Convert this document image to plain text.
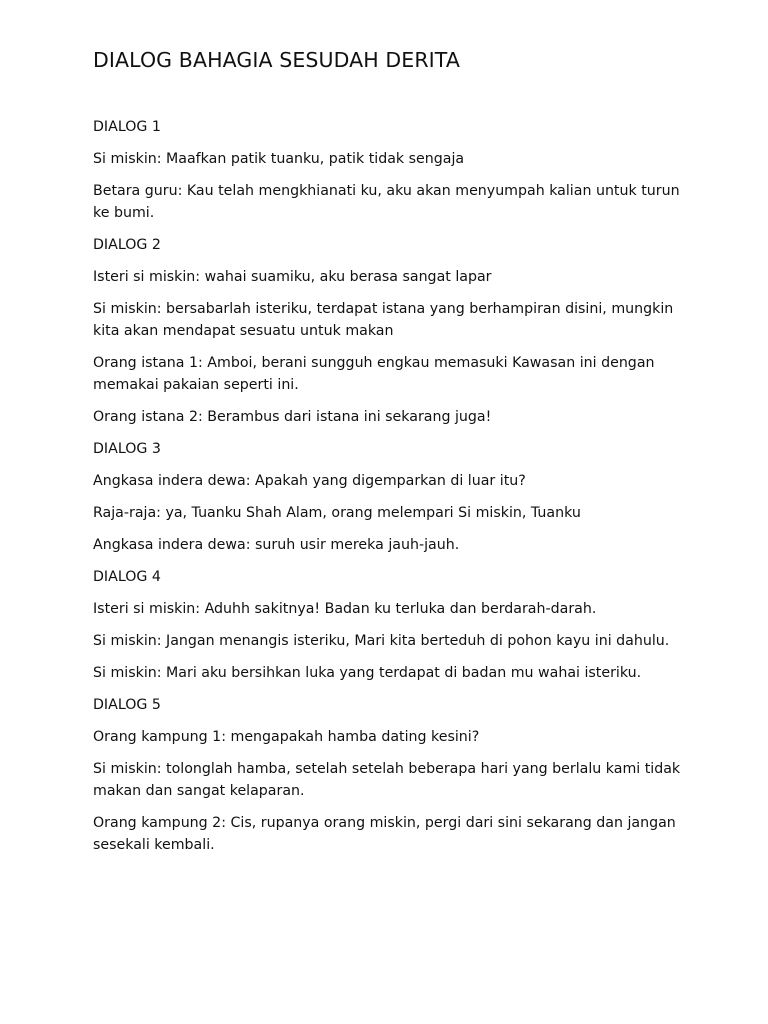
DIALOG BAHAGIA SESUDAH DERITA
DIALOG 1
Si miskin: Maafkan patik tuanku, patik tidak sengaja
Betara guru: Kau telah mengkhianati ku, aku akan menyumpah kalian untuk turun ke bumi.
DIALOG 2
Isteri si miskin: wahai suamiku, aku berasa sangat lapar
Si miskin: bersabarlah isteriku, terdapat istana yang berhampiran disini, mungkin kita akan mendapat sesuatu untuk makan
Orang istana 1: Amboi, berani sungguh engkau memasuki Kawasan ini dengan memakai pakaian seperti ini.
Orang istana 2: Berambus dari istana ini sekarang juga!
DIALOG 3
Angkasa indera dewa: Apakah yang digemparkan di luar itu?
Raja-raja: ya, Tuanku Shah Alam, orang melempari Si miskin, Tuanku
Angkasa indera dewa: suruh usir mereka jauh-jauh.
DIALOG 4
Isteri si miskin: Aduhh sakitnya! Badan ku terluka dan berdarah-darah.
Si miskin: Jangan menangis isteriku, Mari kita berteduh di pohon kayu ini dahulu.
Si miskin: Mari aku bersihkan luka yang terdapat di badan mu wahai isteriku.
DIALOG 5
Orang kampung 1: mengapakah hamba dating kesini?
Si miskin: tolonglah hamba, setelah setelah beberapa hari yang berlalu kami tidak makan dan sangat kelaparan.
Orang kampung 2: Cis, rupanya orang miskin, pergi dari sini sekarang dan jangan sesekali kembali.
